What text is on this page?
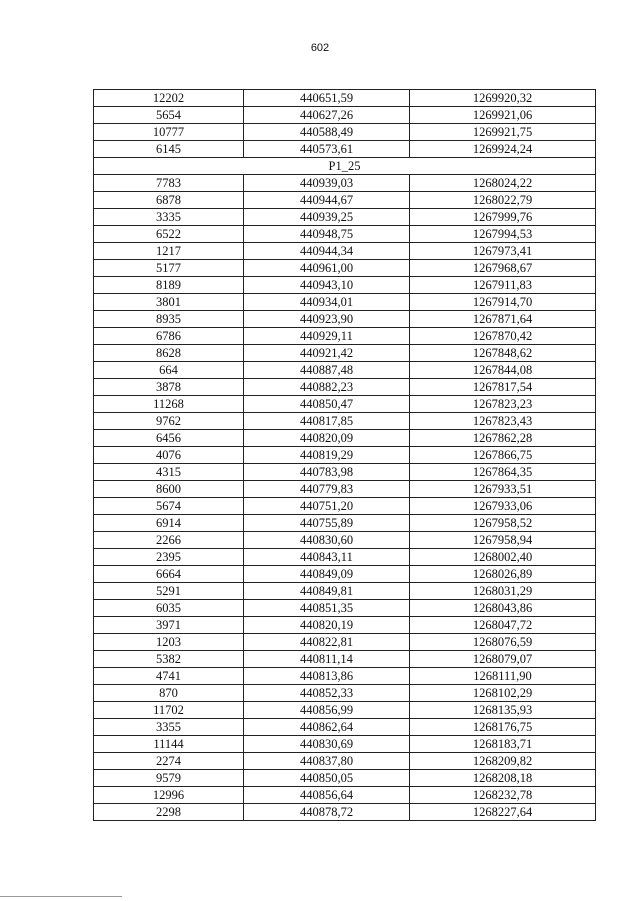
602
12202	440651,59	1269920,32
5654	440627,26	1269921,06
10777	440588,49	1269921,75
6145	440573,61	1269924,24
P1_25		
7783	440939,03	1268024,22
6878	440944,67	1268022,79
3335	440939,25	1267999,76
6522	440948,75	1267994,53
1217	440944,34	1267973,41
5177	440961,00	1267968,67
8189	440943,10	1267911,83
3801	440934,01	1267914,70
8935	440923,90	1267871,64
6786	440929,11	1267870,42
8628	440921,42	1267848,62
664	440887,48	1267844,08
3878	440882,23	1267817,54
11268	440850,47	1267823,23
9762	440817,85	1267823,43
6456	440820,09	1267862,28
4076	440819,29	1267866,75
4315	440783,98	1267864,35
8600	440779,83	1267933,51
5674	440751,20	1267933,06
6914	440755,89	1267958,52
2266	440830,60	1267958,94
2395	440843,11	1268002,40
6664	440849,09	1268026,89
5291	440849,81	1268031,29
6035	440851,35	1268043,86
3971	440820,19	1268047,72
1203	440822,81	1268076,59
5382	440811,14	1268079,07
4741	440813,86	1268111,90
870	440852,33	1268102,29
11702	440856,99	1268135,93
3355	440862,64	1268176,75
11144	440830,69	1268183,71
2274	440837,80	1268209,82
9579	440850,05	1268208,18
12996	440856,64	1268232,78
2298	440878,72	1268227,64
